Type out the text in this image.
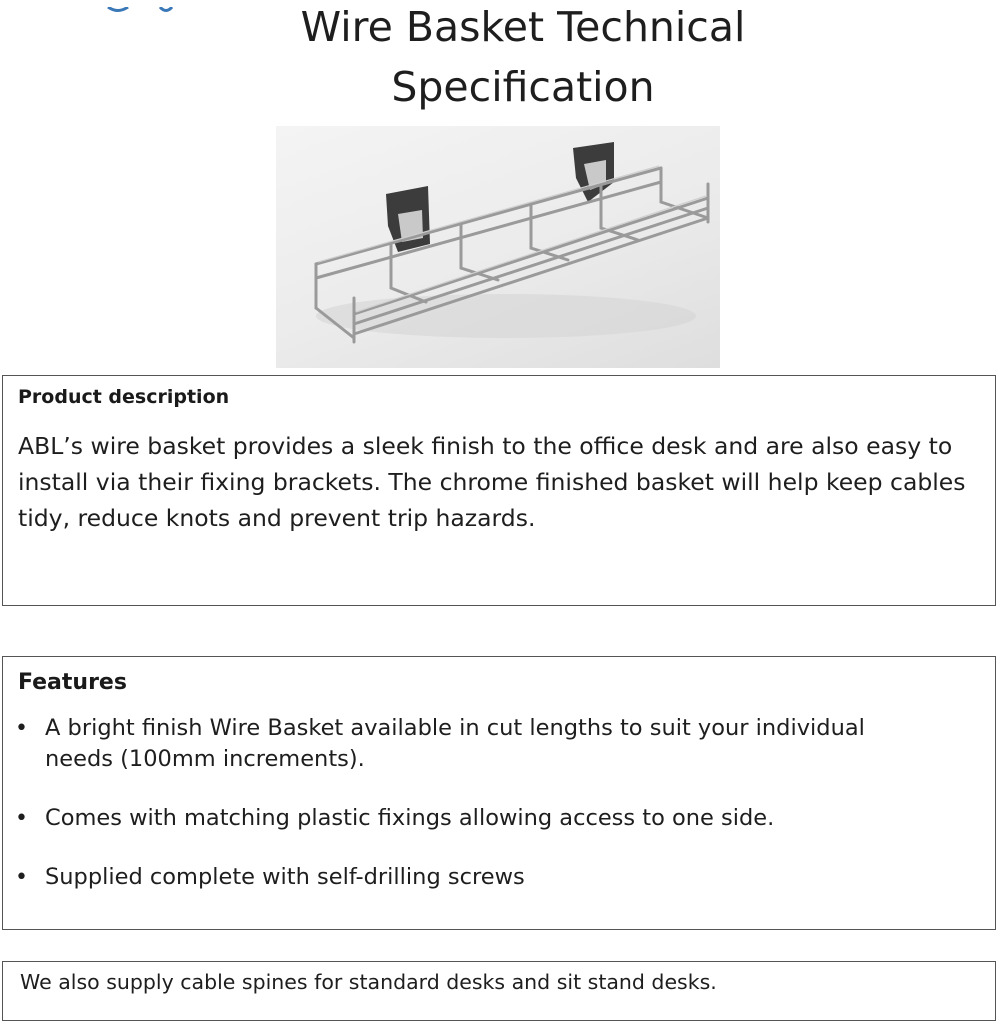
Wire Basket Technical
Specification
Product description

ABL’s wire basket provides a sleek finish to the office desk and are also easy to install via their fixing brackets. The chrome finished basket will help keep cables tidy, reduce knots and prevent trip hazards.

Features
• A bright finish Wire Basket available in cut lengths to suit your individual needs (100mm increments).
• Comes with matching plastic fixings allowing access to one side.
• Supplied complete with self-drilling screws
We also supply cable spines for standard desks and sit stand desks.
